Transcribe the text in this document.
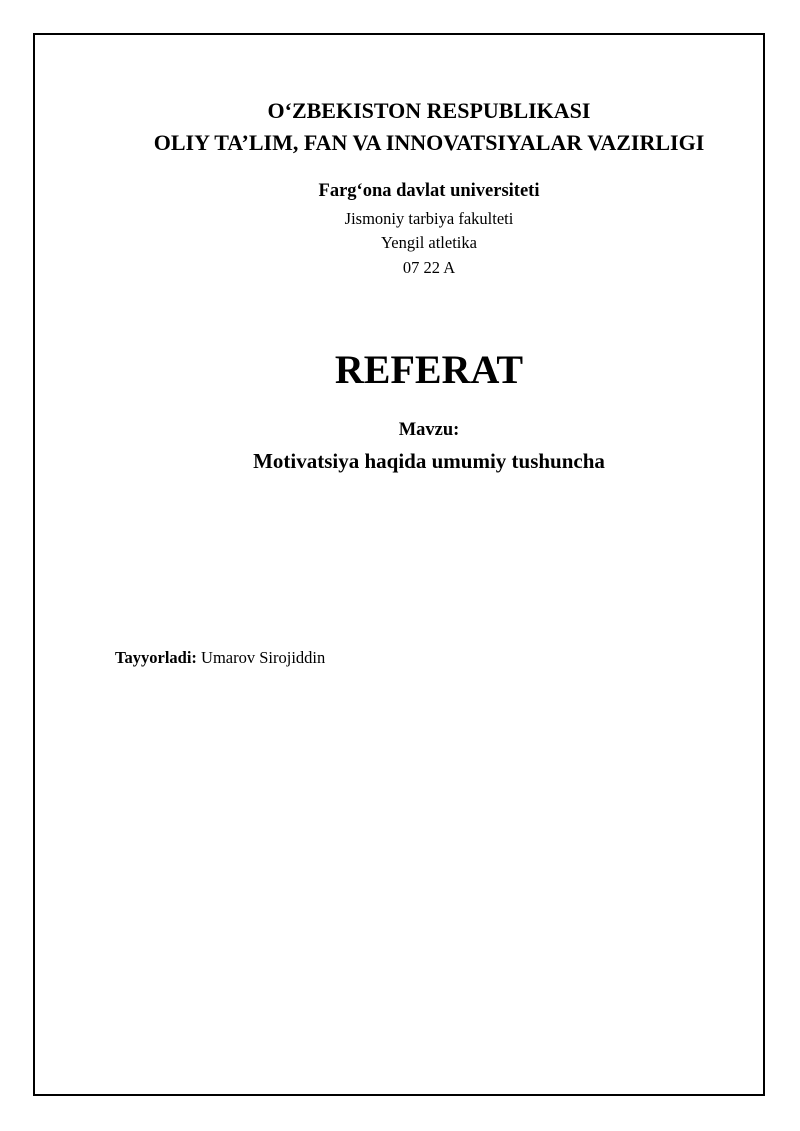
O‘ZBEKISTON RESPUBLIKASI
OLIY TA’LIM, FAN VA INNOVATSIYALAR VAZIRLIGI
Farg‘ona davlat universiteti
Jismoniy tarbiya fakulteti
Yengil atletika
07 22 A
REFERAT
Mavzu:
Motivatsiya haqida umumiy tushuncha
Tayyorladi: Umarov Sirojiddin
